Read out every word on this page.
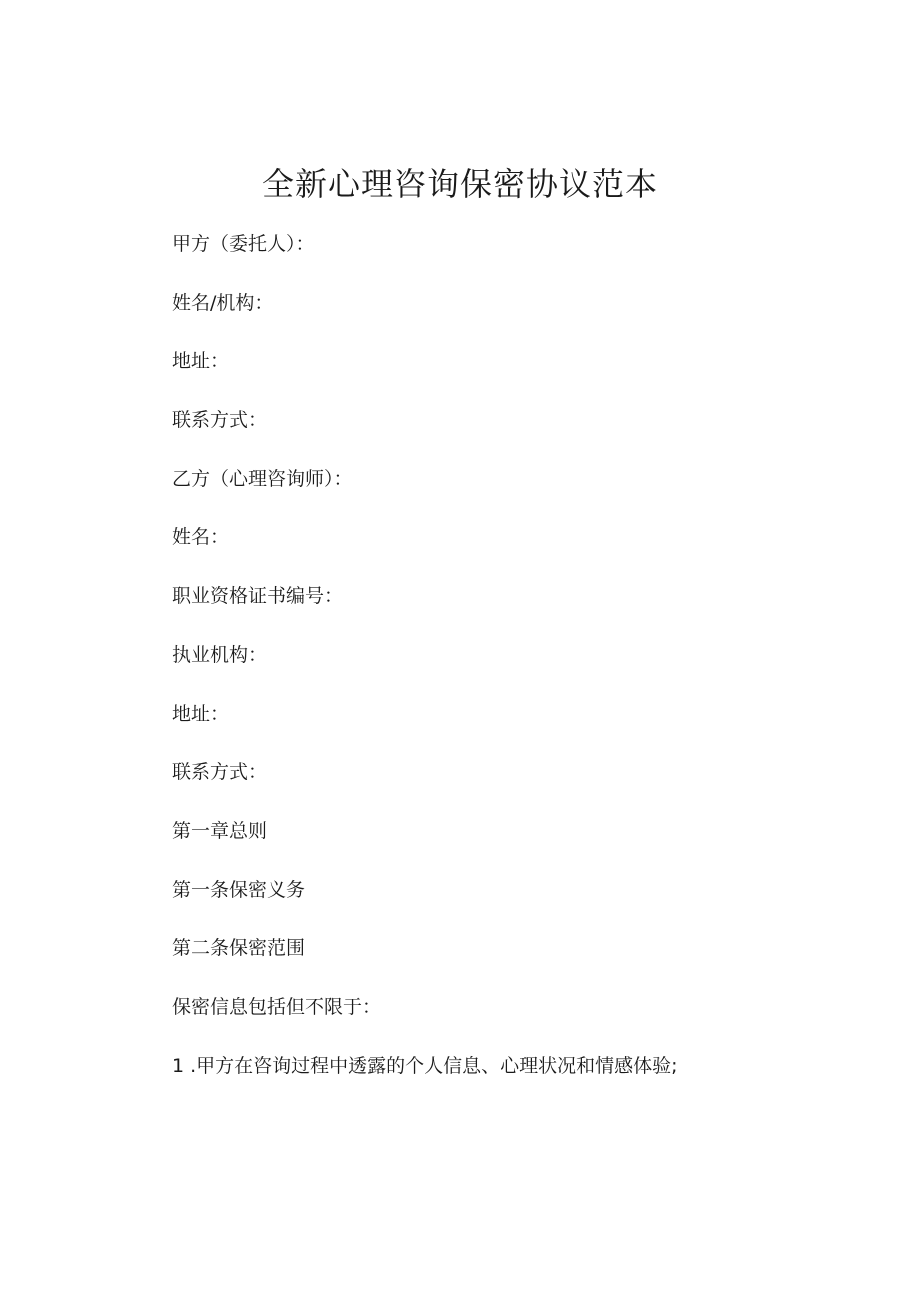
全新心理咨询保密协议范本
甲方（委托人）：
姓名/机构：
地址：
联系方式：
乙方（心理咨询师）：
姓名：
职业资格证书编号：
执业机构：
地址：
联系方式：
第一章总则
第一条保密义务
第二条保密范围
保密信息包括但不限于：
1 .甲方在咨询过程中透露的个人信息、心理状况和情感体验;
